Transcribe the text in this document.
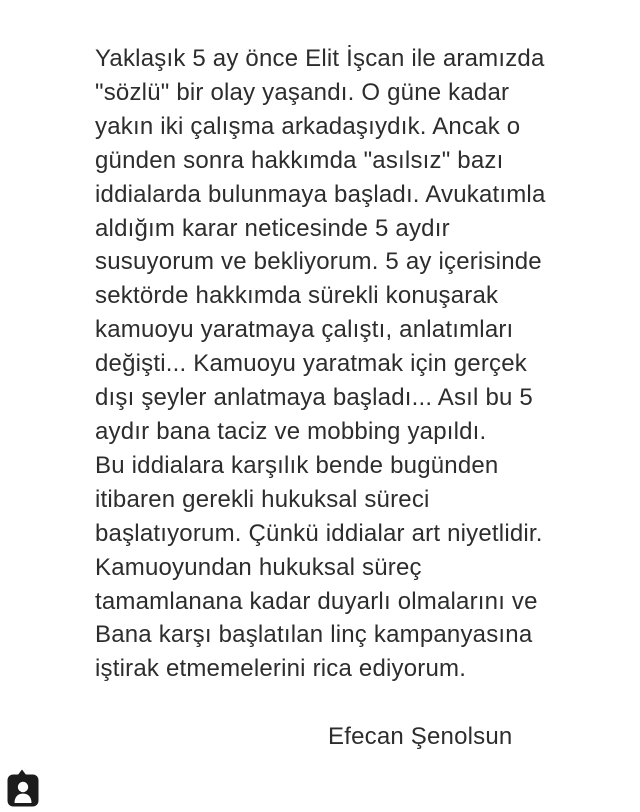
Yaklaşık 5 ay önce Elit İşcan ile aramızda
"sözlü" bir olay yaşandı. O güne kadar
yakın iki çalışma arkadaşıydık. Ancak o
günden sonra hakkımda "asılsız" bazı
iddialarda bulunmaya başladı. Avukatımla
aldığım karar neticesinde 5 aydır
susuyorum ve bekliyorum. 5 ay içerisinde
sektörde hakkımda sürekli konuşarak
kamuoyu yaratmaya çalıştı, anlatımları
değişti... Kamuoyu yaratmak için gerçek
dışı şeyler anlatmaya başladı... Asıl bu 5
aydır bana taciz ve mobbing yapıldı.
Bu iddialara karşılık bende bugünden
itibaren gerekli hukuksal süreci
başlatıyorum. Çünkü iddialar art niyetlidir.
Kamuoyundan hukuksal süreç
tamamlanana kadar duyarlı olmalarını ve
Bana karşı başlatılan linç kampanyasına
iştirak etmemelerini rica ediyorum.
Efecan Şenolsun
